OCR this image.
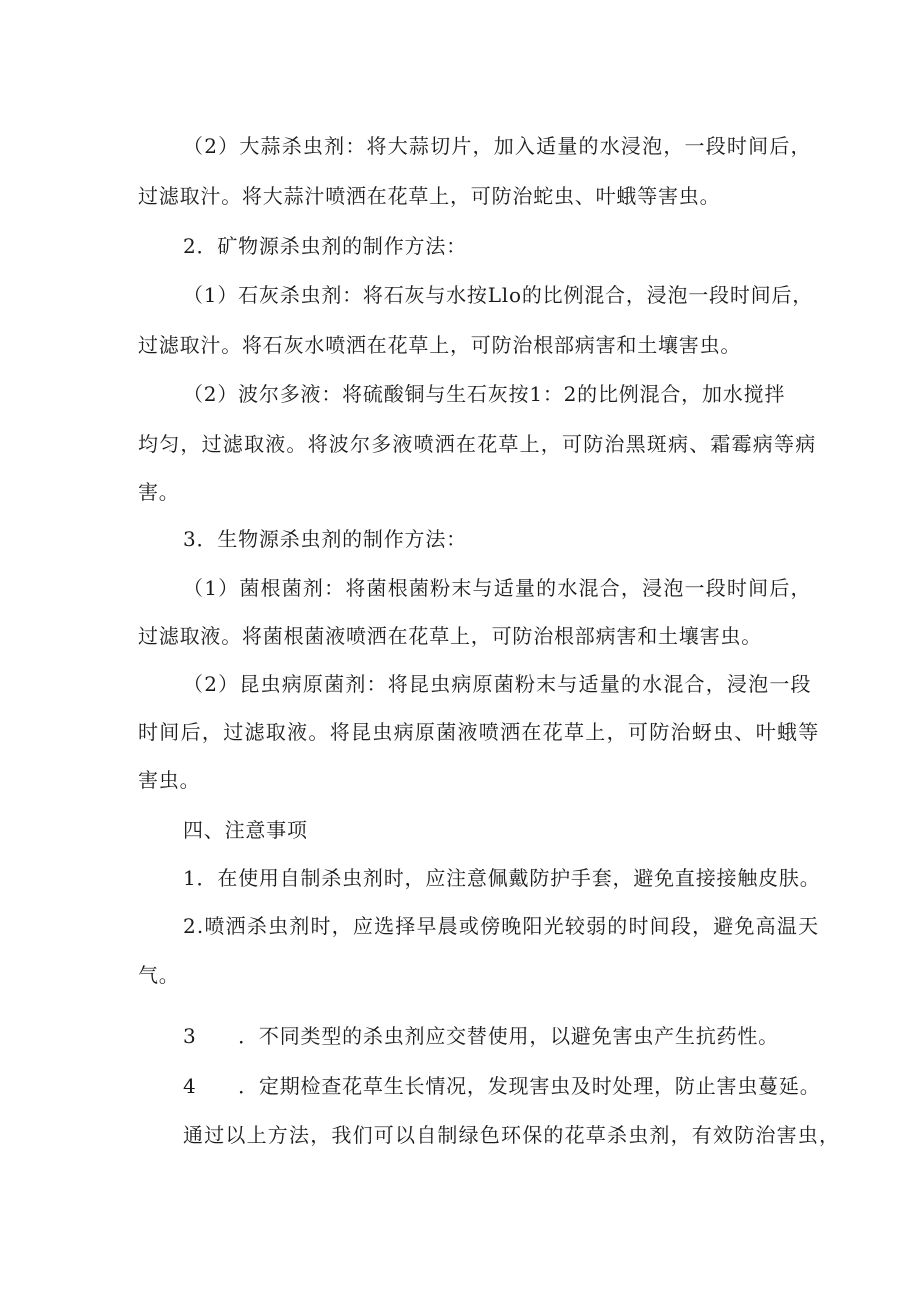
（2）大蒜杀虫剂：将大蒜切片，加入适量的水浸泡，一段时间后，
过滤取汁。将大蒜汁喷洒在花草上，可防治蛇虫、叶蛾等害虫。
2．矿物源杀虫剂的制作方法：
（1）石灰杀虫剂：将石灰与水按Llo的比例混合，浸泡一段时间后，
过滤取汁。将石灰水喷洒在花草上，可防治根部病害和土壤害虫。
（2）波尔多液：将硫酸铜与生石灰按1：2的比例混合，加水搅拌
均匀，过滤取液。将波尔多液喷洒在花草上，可防治黑斑病、霜霉病等病
害。
3．生物源杀虫剂的制作方法：
（1）菌根菌剂：将菌根菌粉末与适量的水混合，浸泡一段时间后，
过滤取液。将菌根菌液喷洒在花草上，可防治根部病害和土壤害虫。
（2）昆虫病原菌剂：将昆虫病原菌粉末与适量的水混合，浸泡一段
时间后，过滤取液。将昆虫病原菌液喷洒在花草上，可防治蚜虫、叶蛾等
害虫。
四、注意事项
1．在使用自制杀虫剂时，应注意佩戴防护手套，避免直接接触皮肤。
2.喷洒杀虫剂时，应选择早晨或傍晚阳光较弱的时间段，避免高温天
气。
3　　．不同类型的杀虫剂应交替使用，以避免害虫产生抗药性。
4　　．定期检查花草生长情况，发现害虫及时处理，防止害虫蔓延。
通过以上方法，我们可以自制绿色环保的花草杀虫剂，有效防治害虫，
